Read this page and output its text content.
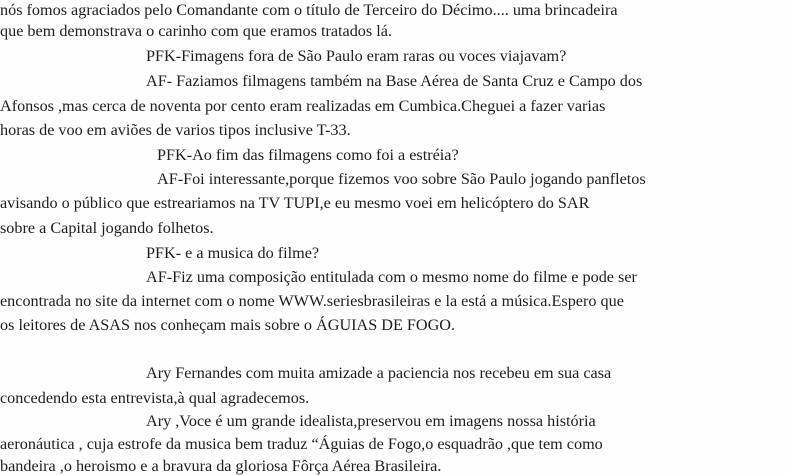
nós fomos agraciados pelo Comandante com o título de Terceiro do Décimo.... uma brincadeira

que bem demonstrava o carinho com que eramos tratados lá.

PFK-Fimagens fora de São Paulo eram raras ou voces viajavam?

AF- Faziamos filmagens também na Base Aérea de Santa Cruz e Campo dos

Afonsos ,mas cerca de noventa por cento eram realizadas em Cumbica.Cheguei a fazer varias

horas de voo em aviões de varios tipos inclusive T-33.

PFK-Ao fim das filmagens como foi a estréia?

AF-Foi interessante,porque fizemos voo sobre São Paulo jogando panfletos

avisando o público que estreariamos na TV TUPI,e eu mesmo voei em helicóptero do SAR

sobre a Capital jogando folhetos.

PFK- e a musica do filme?

AF-Fiz uma composição entitulada com o mesmo nome do filme e pode ser

encontrada no site da internet com o nome WWW.seriesbrasileiras e la está a música.Espero que

os leitores de ASAS nos conheçam mais sobre o ÁGUIAS DE FOGO.

Ary Fernandes com muita amizade a paciencia nos recebeu em sua casa

concedendo esta entrevista,à qual agradecemos.

Ary ,Voce é um grande idealista,preservou em imagens nossa história

aeronáutica , cuja estrofe da musica bem traduz “Águias de Fogo,o esquadrão ,que tem como

bandeira ,o heroismo e a bravura da gloriosa Fôrça Aérea Brasileira.
